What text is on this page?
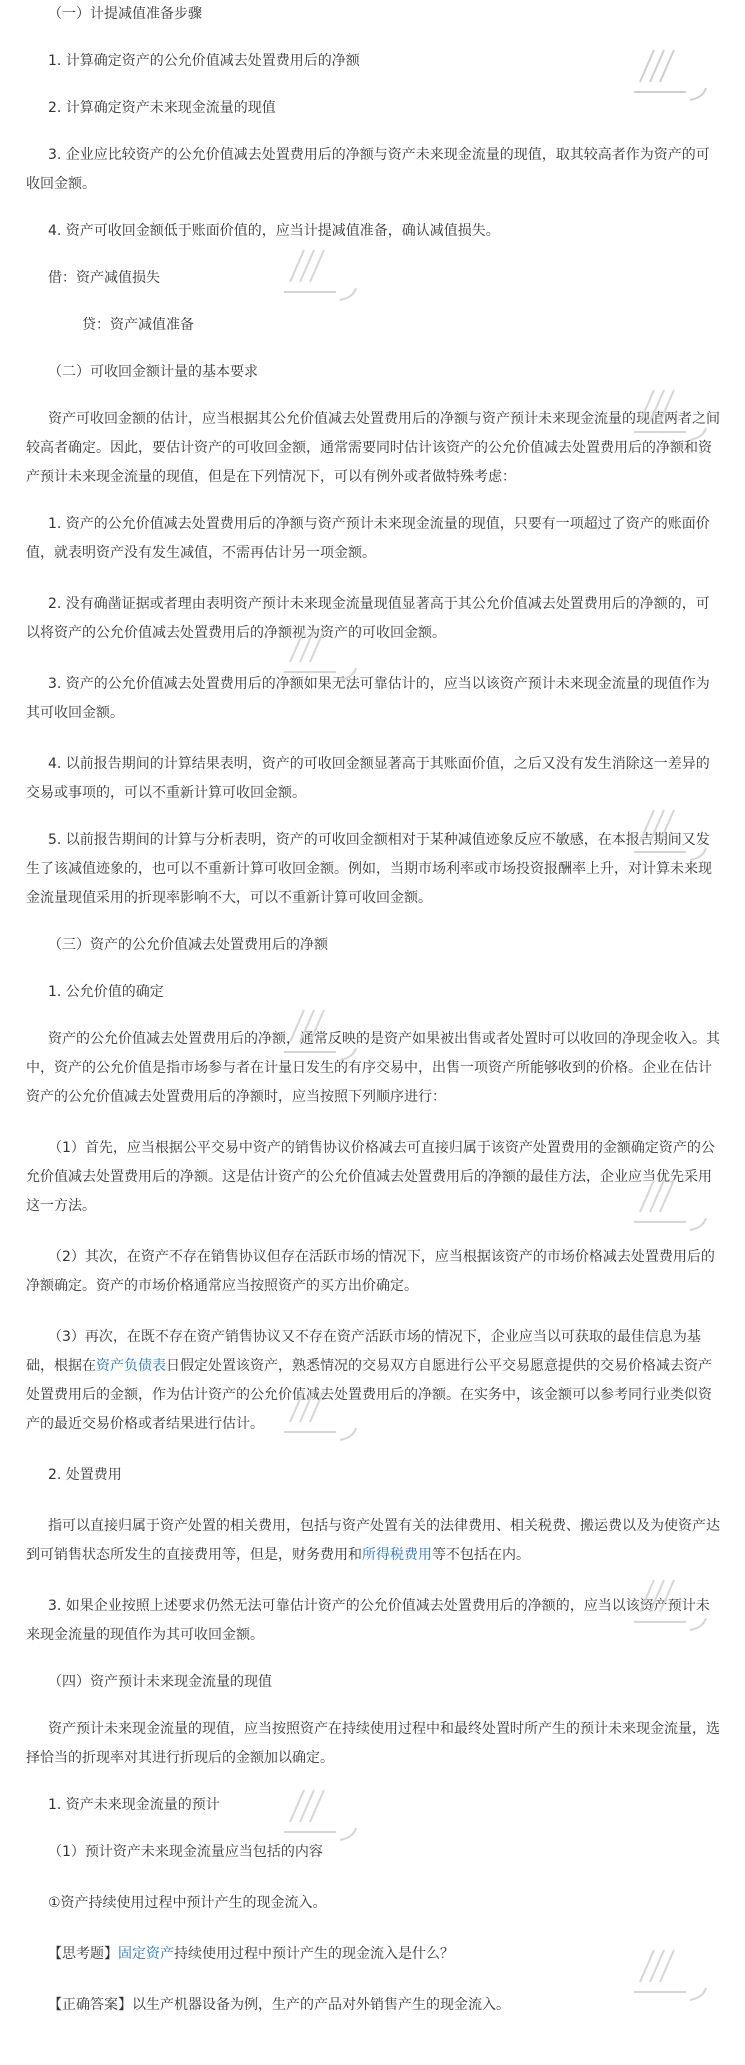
（一）计提减值准备步骤
1. 计算确定资产的公允价值减去处置费用后的净额
2. 计算确定资产未来现金流量的现值
3. 企业应比较资产的公允价值减去处置费用后的净额与资产未来现金流量的现值，取其较高者作为资产的可收回金额。
4. 资产可收回金额低于账面价值的，应当计提减值准备，确认减值损失。
借：资产减值损失
贷：资产减值准备
（二）可收回金额计量的基本要求
资产可收回金额的估计，应当根据其公允价值减去处置费用后的净额与资产预计未来现金流量的现值两者之间较高者确定。因此，要估计资产的可收回金额，通常需要同时估计该资产的公允价值减去处置费用后的净额和资产预计未来现金流量的现值，但是在下列情况下，可以有例外或者做特殊考虑：
1. 资产的公允价值减去处置费用后的净额与资产预计未来现金流量的现值，只要有一项超过了资产的账面价值，就表明资产没有发生减值，不需再估计另一项金额。
2. 没有确凿证据或者理由表明资产预计未来现金流量现值显著高于其公允价值减去处置费用后的净额的，可以将资产的公允价值减去处置费用后的净额视为资产的可收回金额。
3. 资产的公允价值减去处置费用后的净额如果无法可靠估计的，应当以该资产预计未来现金流量的现值作为其可收回金额。
4. 以前报告期间的计算结果表明，资产的可收回金额显著高于其账面价值，之后又没有发生消除这一差异的交易或事项的，可以不重新计算可收回金额。
5. 以前报告期间的计算与分析表明，资产的可收回金额相对于某种减值迹象反应不敏感，在本报告期间又发生了该减值迹象的，也可以不重新计算可收回金额。例如，当期市场利率或市场投资报酬率上升，对计算未来现金流量现值采用的折现率影响不大，可以不重新计算可收回金额。
（三）资产的公允价值减去处置费用后的净额
1. 公允价值的确定
资产的公允价值减去处置费用后的净额，通常反映的是资产如果被出售或者处置时可以收回的净现金收入。其中，资产的公允价值是指市场参与者在计量日发生的有序交易中，出售一项资产所能够收到的价格。企业在估计资产的公允价值减去处置费用后的净额时，应当按照下列顺序进行：
（1）首先，应当根据公平交易中资产的销售协议价格减去可直接归属于该资产处置费用的金额确定资产的公允价值减去处置费用后的净额。这是估计资产的公允价值减去处置费用后的净额的最佳方法，企业应当优先采用这一方法。
（2）其次，在资产不存在销售协议但存在活跃市场的情况下，应当根据该资产的市场价格减去处置费用后的净额确定。资产的市场价格通常应当按照资产的买方出价确定。
（3）再次，在既不存在资产销售协议又不存在资产活跃市场的情况下，企业应当以可获取的最佳信息为基础，根据在资产负债表日假定处置该资产，熟悉情况的交易双方自愿进行公平交易愿意提供的交易价格减去资产处置费用后的金额，作为估计资产的公允价值减去处置费用后的净额。在实务中，该金额可以参考同行业类似资产的最近交易价格或者结果进行估计。
2. 处置费用
指可以直接归属于资产处置的相关费用，包括与资产处置有关的法律费用、相关税费、搬运费以及为使资产达到可销售状态所发生的直接费用等，但是，财务费用和所得税费用等不包括在内。
3. 如果企业按照上述要求仍然无法可靠估计资产的公允价值减去处置费用后的净额的，应当以该资产预计未来现金流量的现值作为其可收回金额。
（四）资产预计未来现金流量的现值
资产预计未来现金流量的现值，应当按照资产在持续使用过程中和最终处置时所产生的预计未来现金流量，选择恰当的折现率对其进行折现后的金额加以确定。
1. 资产未来现金流量的预计
（1）预计资产未来现金流量应当包括的内容
①资产持续使用过程中预计产生的现金流入。
【思考题】固定资产持续使用过程中预计产生的现金流入是什么？
【正确答案】以生产机器设备为例，生产的产品对外销售产生的现金流入。
